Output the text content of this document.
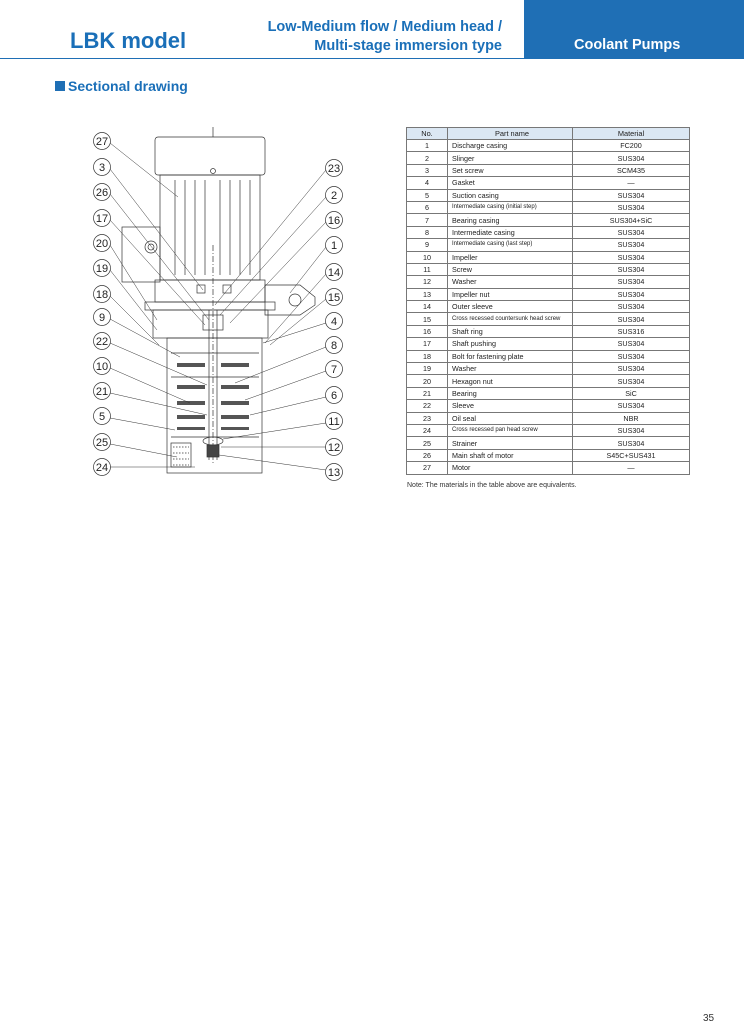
LBK model
Low-Medium flow / Medium head /
Multi-stage immersion type	Coolant Pumps
Sectional drawing
27
3
26
17
20
19
18
9
22
10
21
5
25
24
23
2
16
1
14
15
4
8
7
6
11
12
13
No.	Part name	Material
1	Discharge casing	FC200
2	Slinger	SUS304
3	Set screw	SCM435
4	Gasket	—
5	Suction casing	SUS304
6	Intermediate casing (initial step)	SUS304
7	Bearing casing	SUS304+SiC
8	Intermediate casing	SUS304
9	Intermediate casing (last step)	SUS304
10	Impeller	SUS304
11	Screw	SUS304
12	Washer	SUS304
13	Impeller nut	SUS304
14	Outer sleeve	SUS304
15	Cross recessed countersunk head screw	SUS304
16	Shaft ring	SUS316
17	Shaft pushing	SUS304
18	Bolt for fastening plate	SUS304
19	Washer	SUS304
20	Hexagon nut	SUS304
21	Bearing	SiC
22	Sleeve	SUS304
23	Oil seal	NBR
24	Cross recessed pan head screw	SUS304
25	Strainer	SUS304
26	Main shaft of motor	S45C+SUS431
27	Motor	—
Note: The materials in the table above are equivalents.
35
